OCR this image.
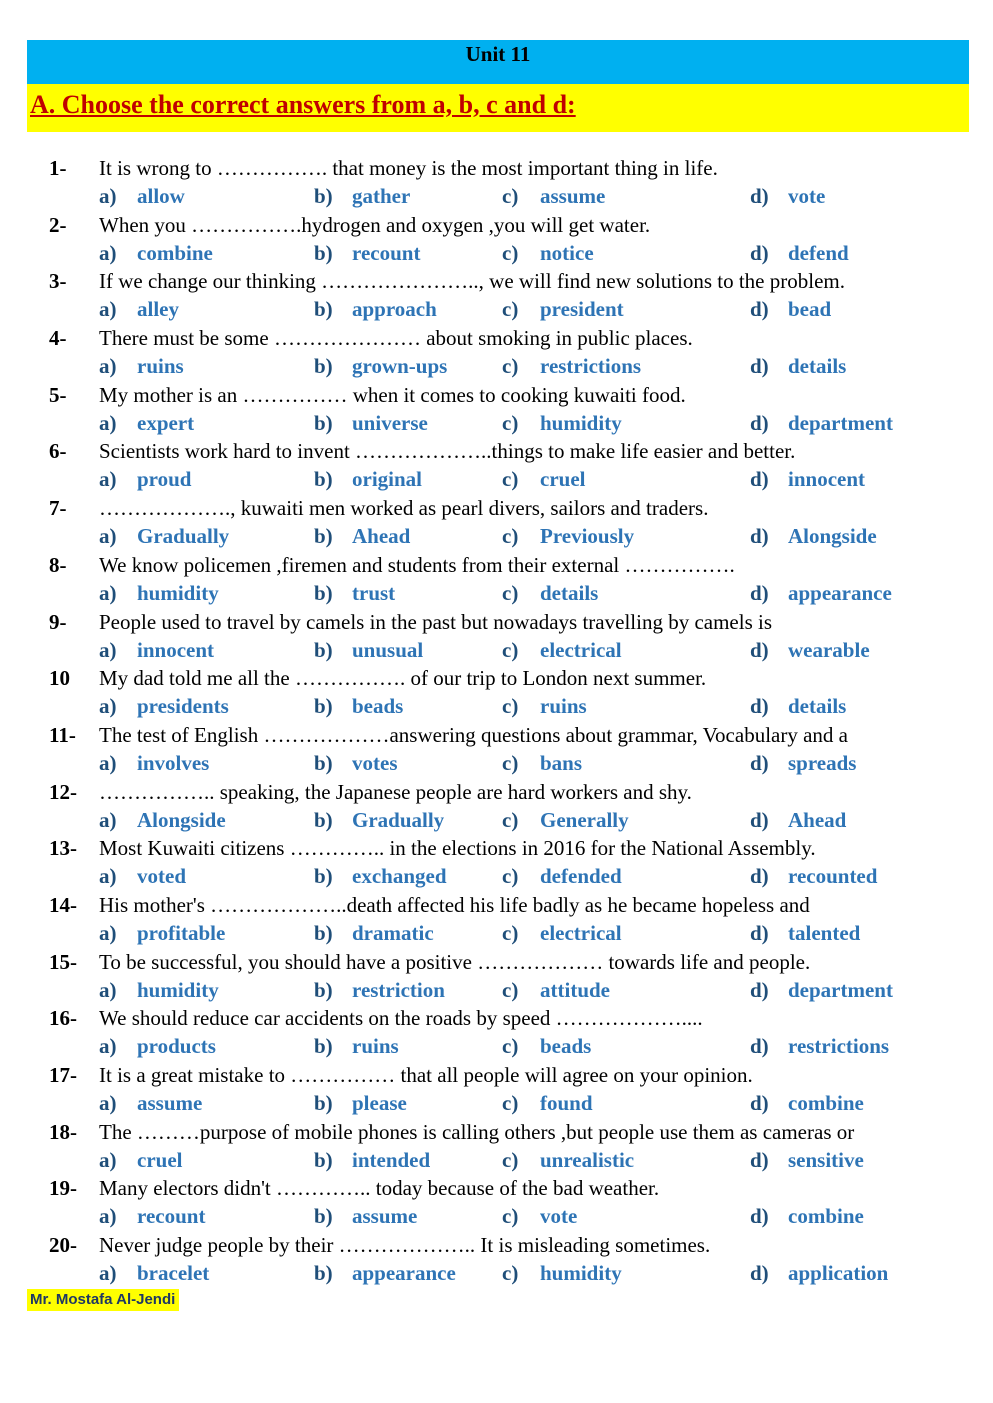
Unit 11
A. Choose the correct answers from a, b, c and d:
1- It is wrong to ……………. that money is the most important thing in life.
a) allow	b) gather	c) assume	d) vote
2- When you …………….hydrogen and oxygen ,you will get water.
a) combine	b) recount	c) notice	d) defend
3- If we change our thinking ………………….., we will find new solutions to the problem.
a) alley	b) approach	c) president	d) bead
4- There must be some ………………… about smoking in public places.
a) ruins	b) grown-ups	c) restrictions	d) details
5- My mother is an …………… when it comes to cooking kuwaiti food.
a) expert	b) universe	c) humidity	d) department
6- Scientists work hard to invent ………………..things to make life easier and better.
a) proud	b) original	c) cruel	d) innocent
7- ………………., kuwaiti men worked as pearl divers, sailors and traders.
a) Gradually	b) Ahead	c) Previously	d) Alongside
8- We know policemen ,firemen and students from their external …………….
a) humidity	b) trust	c) details	d) appearance
9- People used to travel by camels in the past but nowadays travelling by camels is
a) innocent	b) unusual	c) electrical	d) wearable
10 My dad told me all the ……………. of our trip to London next summer.
a) presidents	b) beads	c) ruins	d) details
11- The test of English ………………answering questions about grammar, Vocabulary and a
a) involves	b) votes	c) bans	d) spreads
12- …………….. speaking, the Japanese people are hard workers and shy.
a) Alongside	b) Gradually	c) Generally	d) Ahead
13- Most Kuwaiti citizens ………….. in the elections in 2016 for the National Assembly.
a) voted	b) exchanged	c) defended	d) recounted
14- His mother's ………………..death affected his life badly as he became hopeless and
a) profitable	b) dramatic	c) electrical	d) talented
15- To be successful, you should have a positive ……………… towards life and people.
a) humidity	b) restriction	c) attitude	d) department
16- We should reduce car accidents on the roads by speed ………………....
a) products	b) ruins	c) beads	d) restrictions
17- It is a great mistake to …………… that all people will agree on your opinion.
a) assume	b) please	c) found	d) combine
18- The ………purpose of mobile phones is calling others ,but people use them as cameras or
a) cruel	b) intended	c) unrealistic	d) sensitive
19- Many electors didn't ………….. today because of the bad weather.
a) recount	b) assume	c) vote	d) combine
20- Never judge people by their ……………….. It is misleading sometimes.
a) bracelet	b) appearance c) humidity	d) application
Mr. Mostafa Al-Jendi
